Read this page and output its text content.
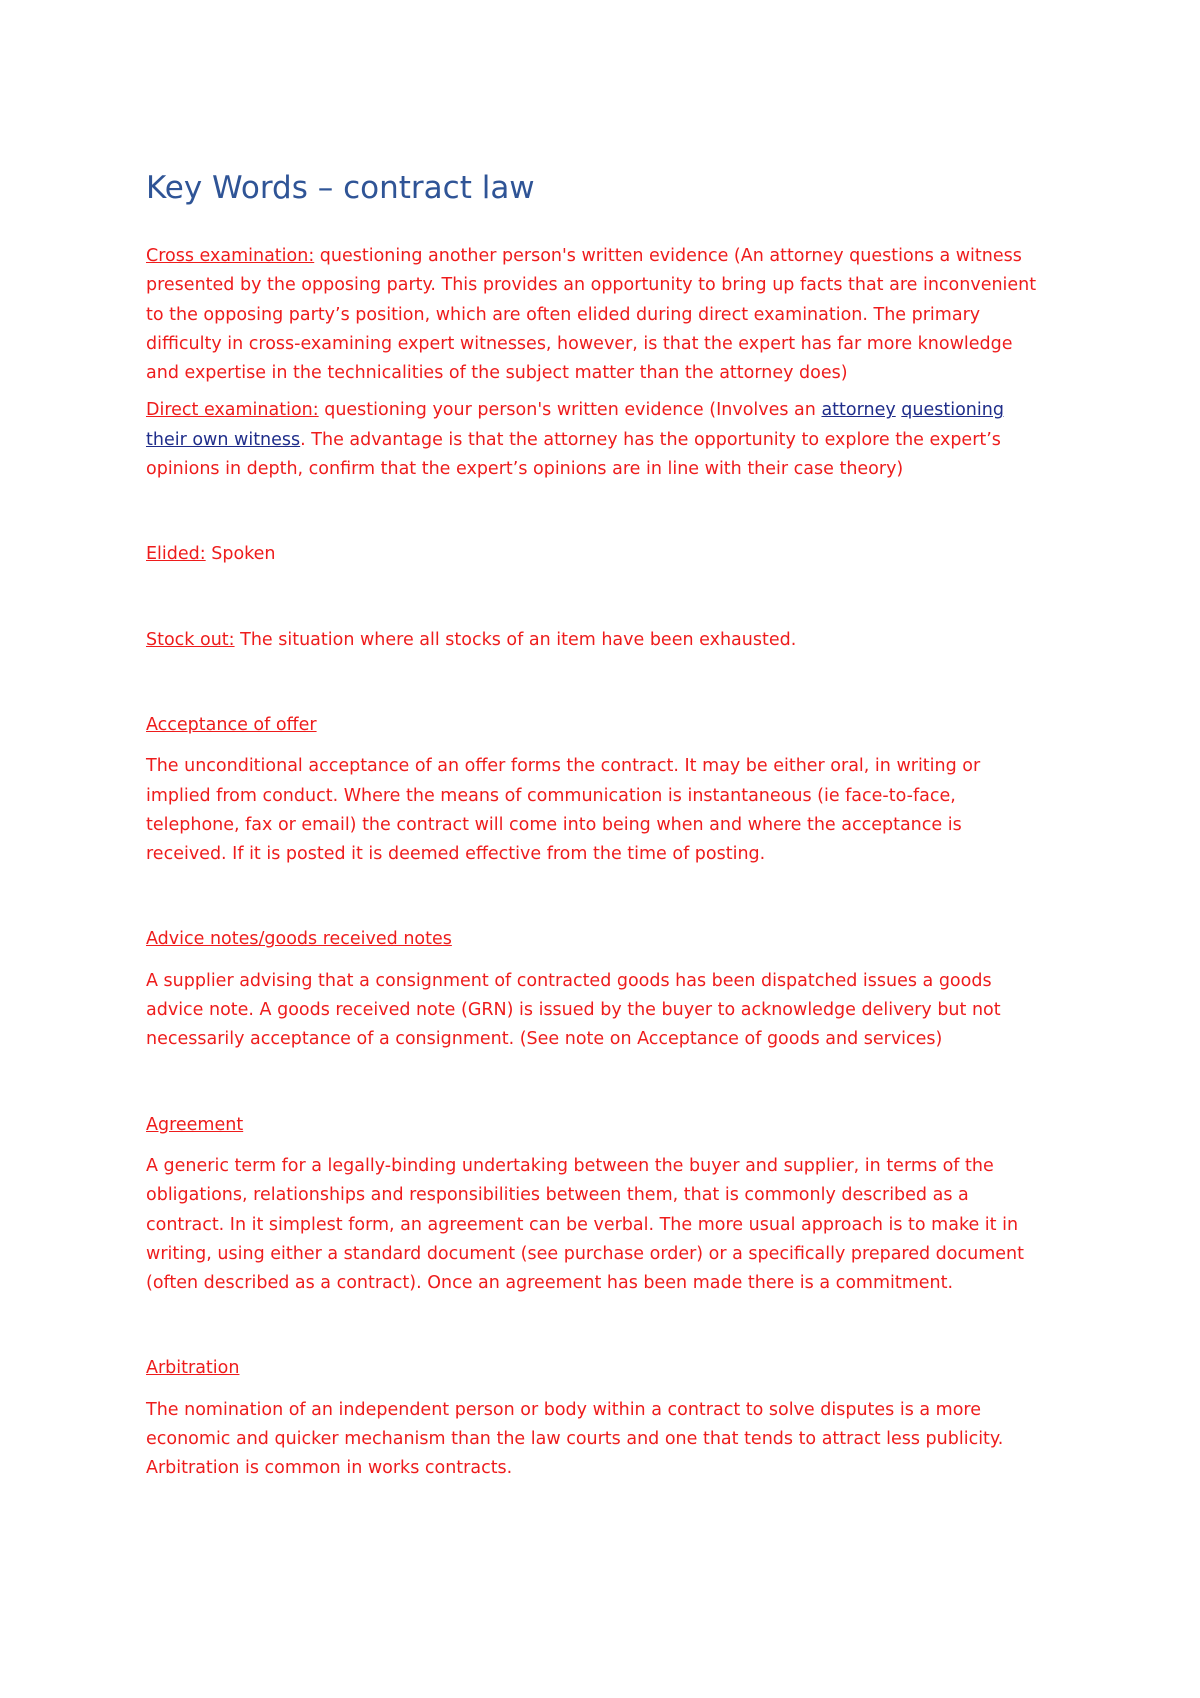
Key Words – contract law

Cross examination: questioning another person's written evidence (An attorney questions a witness
presented by the opposing party. This provides an opportunity to bring up facts that are inconvenient
to the opposing party’s position, which are often elided during direct examination. The primary
difficulty in cross-examining expert witnesses, however, is that the expert has far more knowledge
and expertise in the technicalities of the subject matter than the attorney does)

Direct examination: questioning your person's written evidence (Involves an attorney questioning
their own witness. The advantage is that the attorney has the opportunity to explore the expert’s
opinions in depth, confirm that the expert’s opinions are in line with their case theory)

Elided: Spoken

Stock out: The situation where all stocks of an item have been exhausted.

Acceptance of offer

The unconditional acceptance of an offer forms the contract. It may be either oral, in writing or
implied from conduct. Where the means of communication is instantaneous (ie face-to-face,
telephone, fax or email) the contract will come into being when and where the acceptance is
received. If it is posted it is deemed effective from the time of posting.

Advice notes/goods received notes

A supplier advising that a consignment of contracted goods has been dispatched issues a goods
advice note. A goods received note (GRN) is issued by the buyer to acknowledge delivery but not
necessarily acceptance of a consignment. (See note on Acceptance of goods and services)

Agreement

A generic term for a legally-binding undertaking between the buyer and supplier, in terms of the
obligations, relationships and responsibilities between them, that is commonly described as a
contract. In it simplest form, an agreement can be verbal. The more usual approach is to make it in
writing, using either a standard document (see purchase order) or a specifically prepared document
(often described as a contract). Once an agreement has been made there is a commitment.

Arbitration

The nomination of an independent person or body within a contract to solve disputes is a more
economic and quicker mechanism than the law courts and one that tends to attract less publicity.
Arbitration is common in works contracts.
